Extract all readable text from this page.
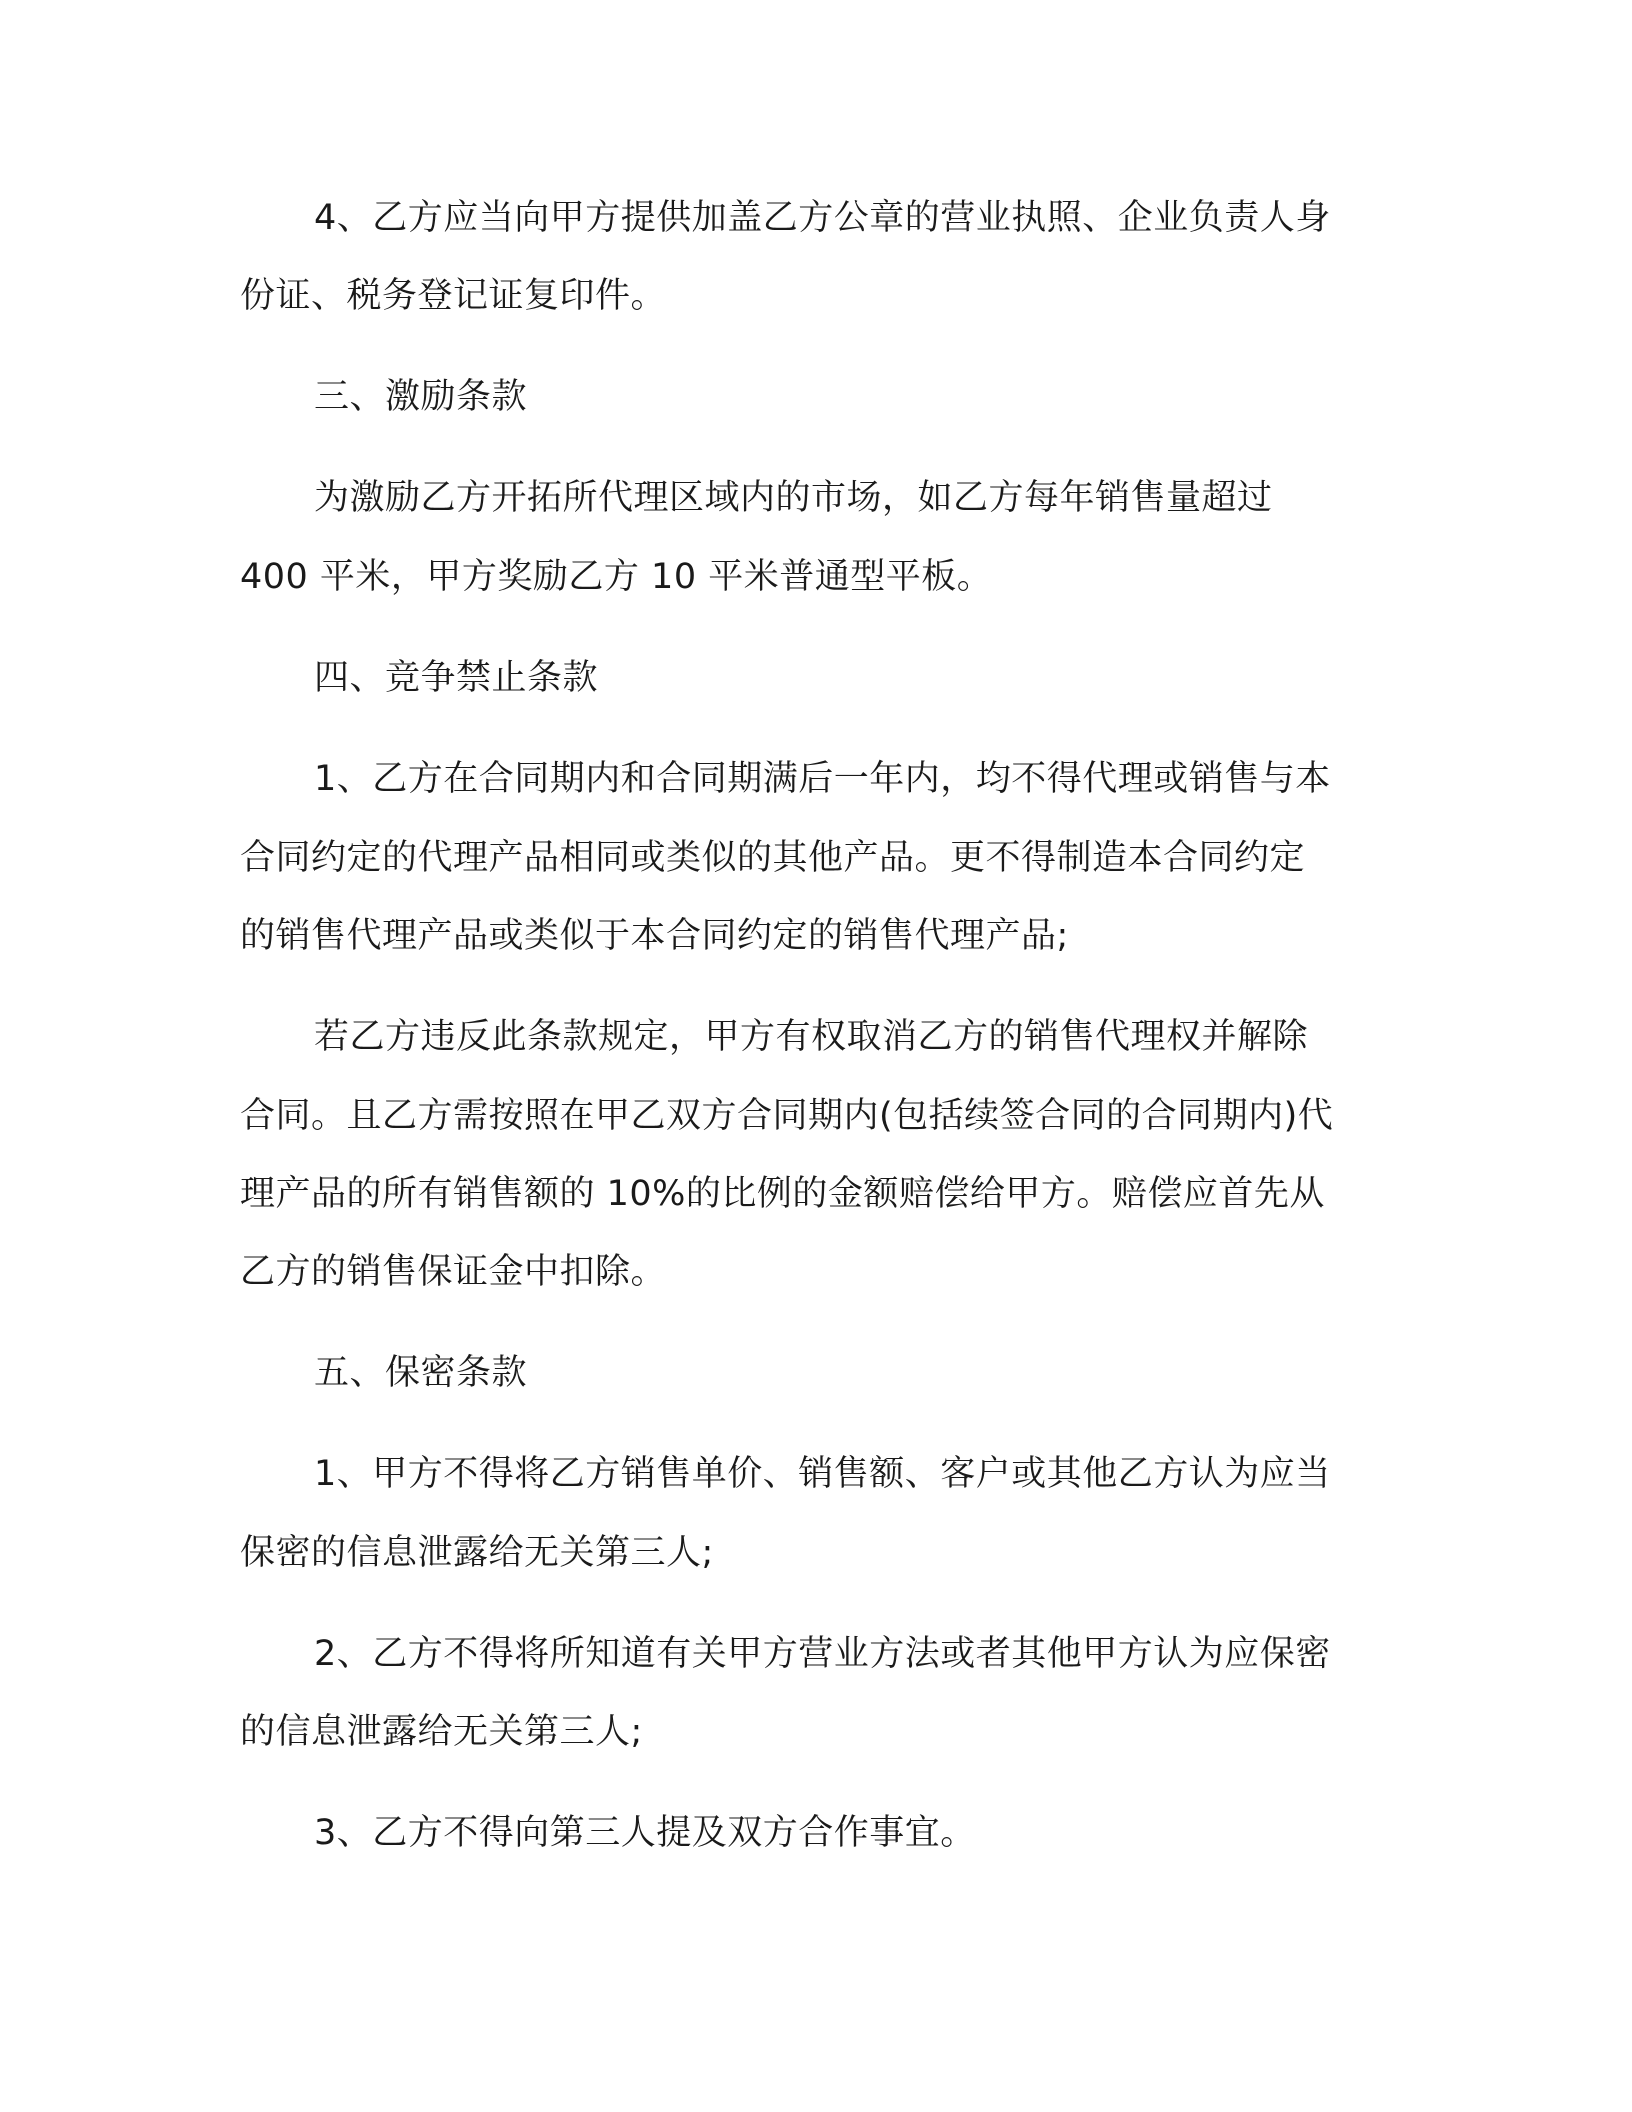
4、乙方应当向甲方提供加盖乙方公章的营业执照、企业负责人身
份证、税务登记证复印件。
三、激励条款
为激励乙方开拓所代理区域内的市场，如乙方每年销售量超过
400 平米，甲方奖励乙方 10 平米普通型平板。
四、竞争禁止条款
1、乙方在合同期内和合同期满后一年内，均不得代理或销售与本
合同约定的代理产品相同或类似的其他产品。更不得制造本合同约定
的销售代理产品或类似于本合同约定的销售代理产品;
若乙方违反此条款规定，甲方有权取消乙方的销售代理权并解除
合同。且乙方需按照在甲乙双方合同期内(包括续签合同的合同期内)代
理产品的所有销售额的 10%的比例的金额赔偿给甲方。赔偿应首先从
乙方的销售保证金中扣除。
五、保密条款
1、甲方不得将乙方销售单价、销售额、客户或其他乙方认为应当
保密的信息泄露给无关第三人;
2、乙方不得将所知道有关甲方营业方法或者其他甲方认为应保密
的信息泄露给无关第三人;
3、乙方不得向第三人提及双方合作事宜。
